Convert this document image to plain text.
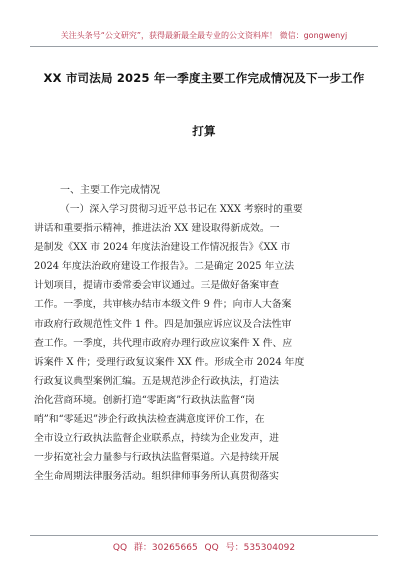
关注头条号“公文研究”，获得最新最全最专业的公文资料库！ 微信：gongwenyj
XX 市司法局 2025 年一季度主要工作完成情况及下一步工作
打算
一、主要工作完成情况
（一）深入学习贯彻习近平总书记在 XXX 考察时的重要
讲话和重要指示精神，推进法治 XX 建设取得新成效。一
是制发《XX 市 2024 年度法治建设工作情况报告》《XX 市
2024 年度法治政府建设工作报告》。二是确定 2025 年立法
计划项目，提请市委常委会审议通过。三是做好备案审查
工作。一季度，共审核办结市本级文件 9 件；向市人大备案
市政府行政规范性文件 1 件。四是加强应诉应议及合法性审
查工作。一季度，共代理市政府办理行政应议案件 X 件、应
诉案件 X 件；受理行政复议案件 XX 件。形成全市 2024 年度
行政复议典型案例汇编。五是规范涉企行政执法，打造法
治化营商环境。创新打造“零距离”行政执法监督“岗
哨”和“零延迟”涉企行政执法检查满意度评价工作，在
全市设立行政执法监督企业联系点，持续为企业发声，进
一步拓宽社会力量参与行政执法监督渠道。六是持续开展
全生命周期法律服务活动。组织律师事务所认真贯彻落实
QQ 群：30265665 QQ 号：535304092
